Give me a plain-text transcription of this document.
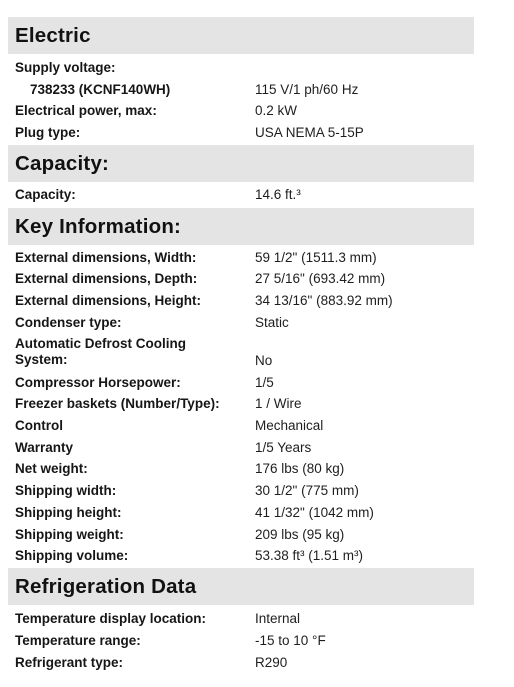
Electric
Supply voltage:
738233 (KCNF140WH)	115 V/1 ph/60 Hz
Electrical power, max:	0.2 kW
Plug type:	USA NEMA 5-15P
Capacity:
Capacity:	14.6 ft.³
Key Information:
External dimensions, Width:	59 1/2" (1511.3 mm)
External dimensions, Depth:	27 5/16" (693.42 mm)
External dimensions, Height:	34 13/16" (883.92 mm)
Condenser type:	Static
Automatic Defrost Cooling
System:	No
Compressor Horsepower:	1/5
Freezer baskets (Number/Type):	1 / Wire
Control	Mechanical
Warranty	1/5 Years
Net weight:	176 lbs (80 kg)
Shipping width:	30 1/2" (775 mm)
Shipping height:	41 1/32" (1042 mm)
Shipping weight:	209 lbs (95 kg)
Shipping volume:	53.38 ft³ (1.51 m³)
Refrigeration Data
Temperature display location:	Internal
Temperature range:	-15 to 10 °F
Refrigerant type:	R290
